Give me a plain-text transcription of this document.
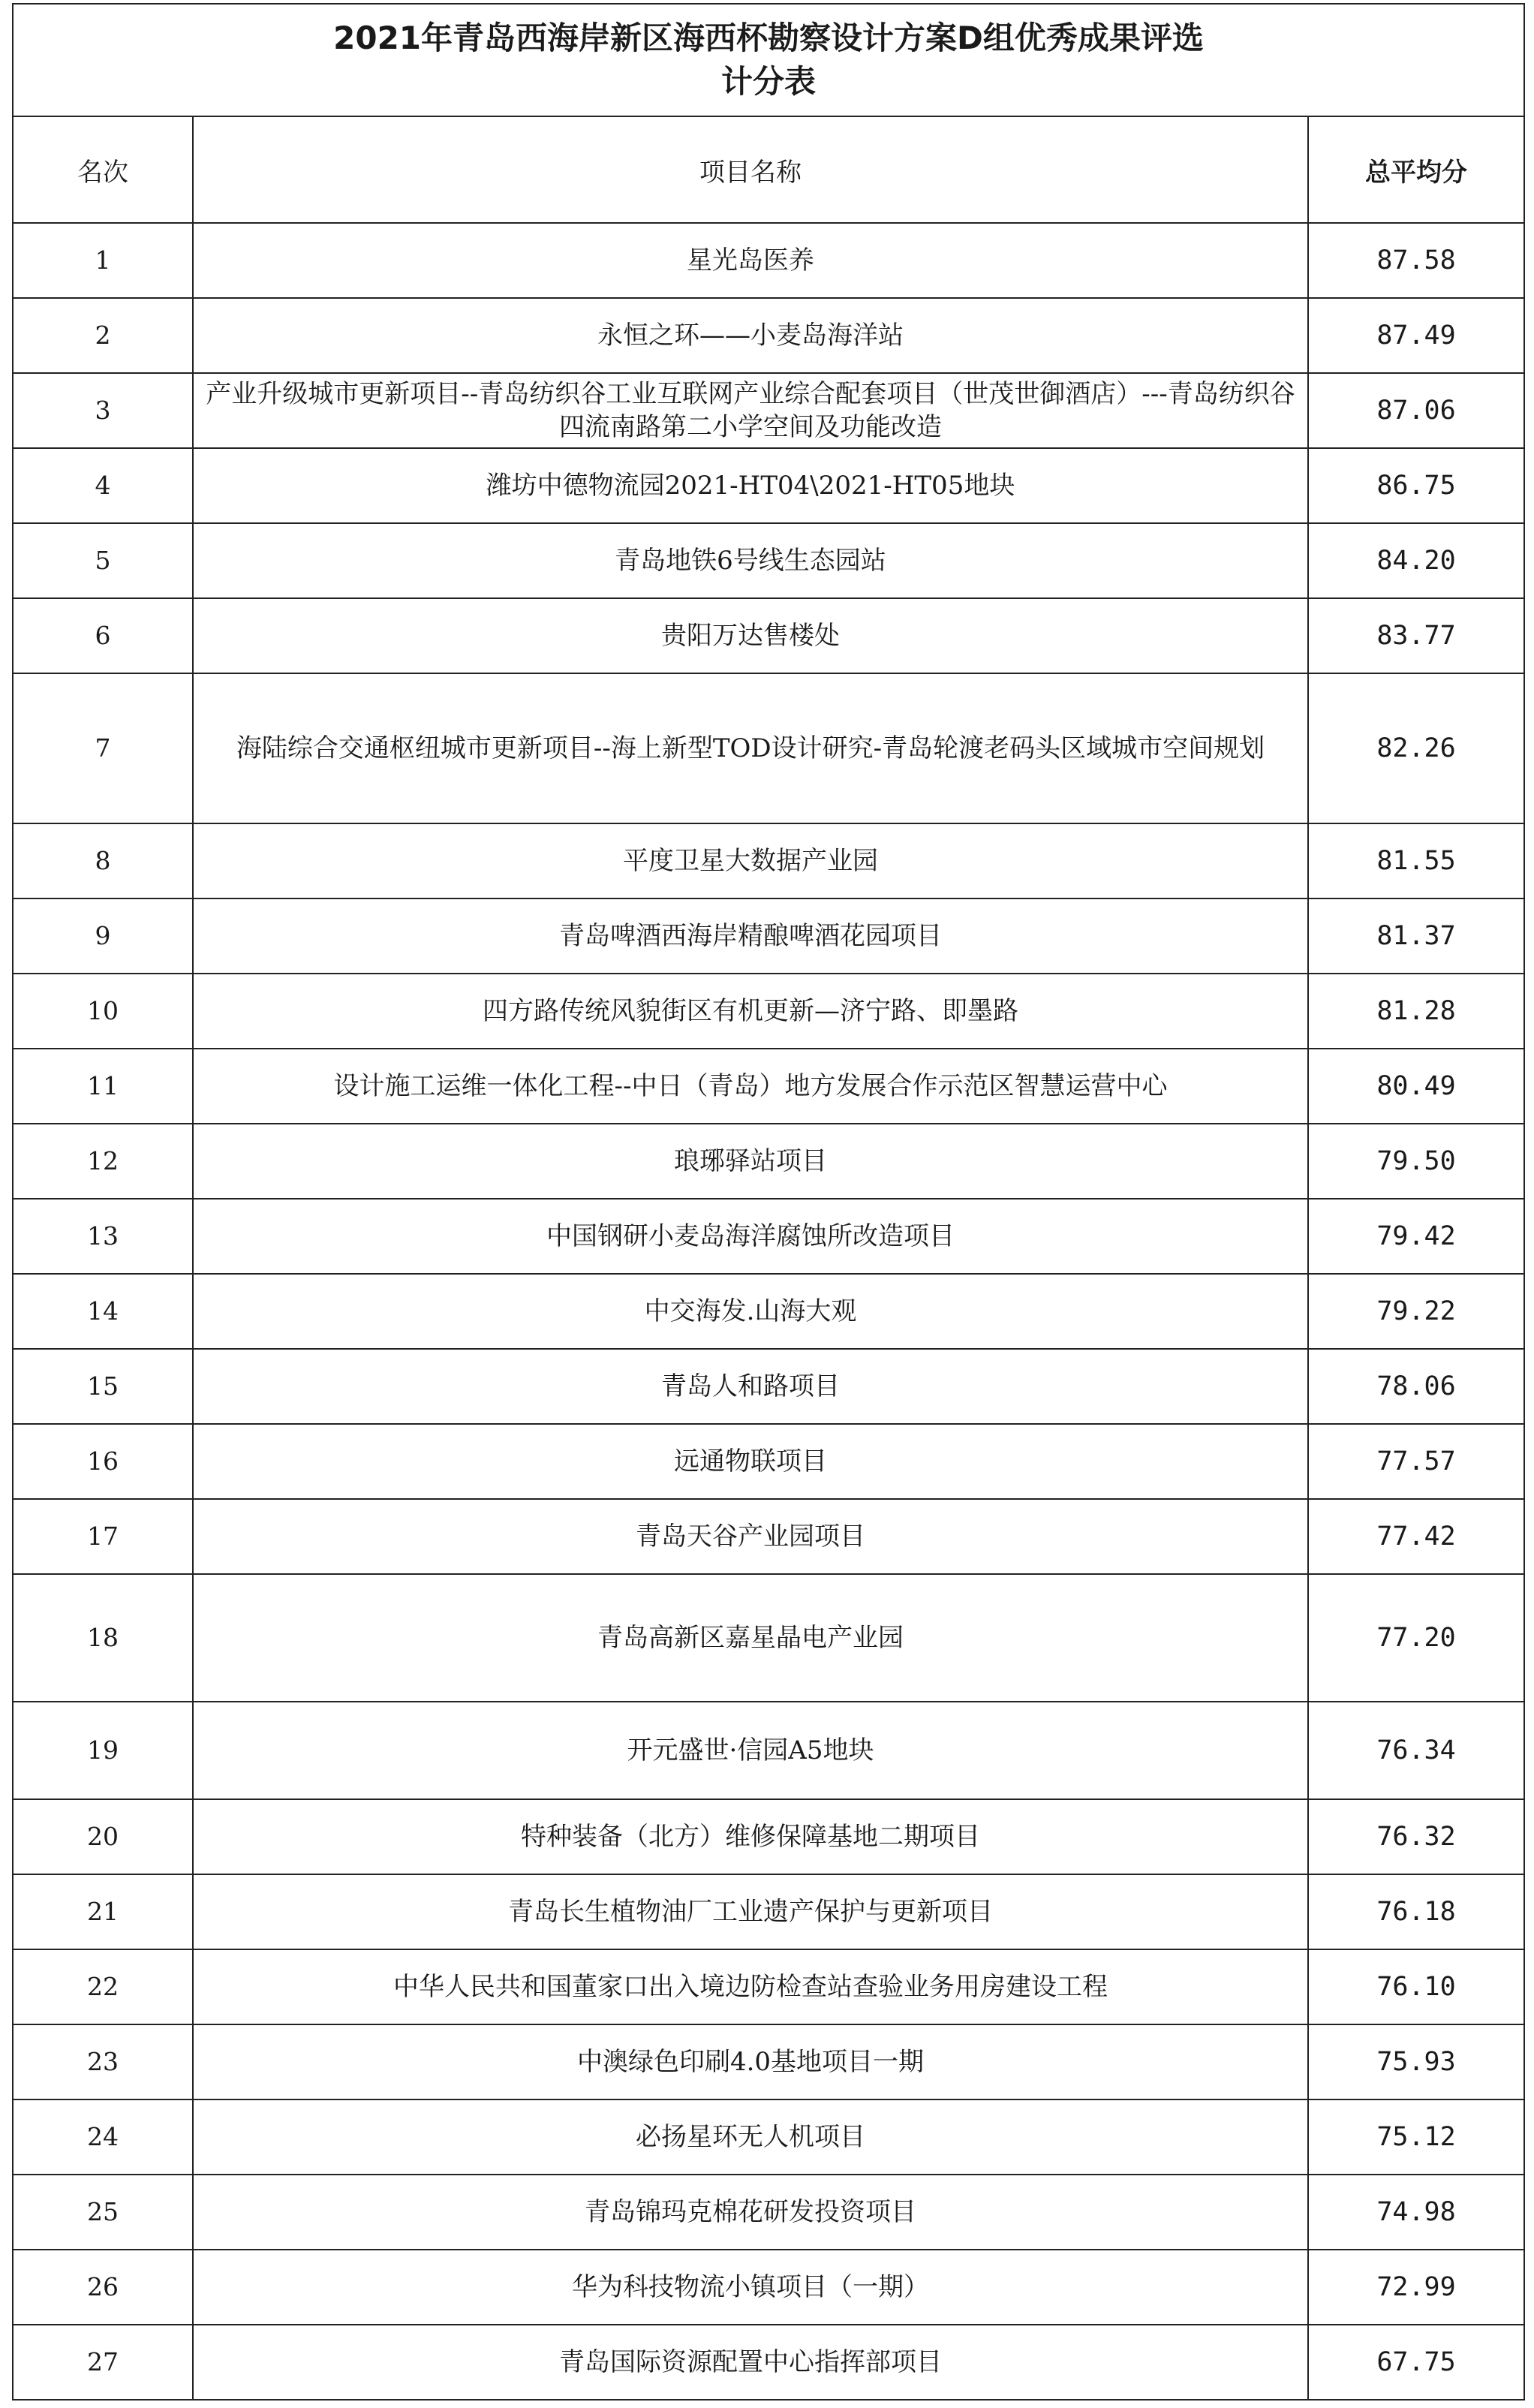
2021年青岛西海岸新区海西杯勘察设计方案D组优秀成果评选
计分表		

名次	项目名称	总平均分
1	星光岛医养	87.58
2	永恒之环——小麦岛海洋站	87.49
3	产业升级城市更新项目--青岛纺织谷工业互联网产业综合配套项目（世茂世御酒店）---青岛纺织谷四流南路第二小学空间及功能改造	87.06
4	潍坊中德物流园2021-HT04\2021-HT05地块	86.75
5	青岛地铁6号线生态园站	84.20
6	贵阳万达售楼处	83.77
7	海陆综合交通枢纽城市更新项目--海上新型TOD设计研究-青岛轮渡老码头区域城市空间规划	82.26
8	平度卫星大数据产业园	81.55
9	青岛啤酒西海岸精酿啤酒花园项目	81.37
10	四方路传统风貌街区有机更新—济宁路、即墨路	81.28
11	设计施工运维一体化工程--中日（青岛）地方发展合作示范区智慧运营中心	80.49
12	琅琊驿站项目	79.50
13	中国钢研小麦岛海洋腐蚀所改造项目	79.42
14	中交海发.山海大观	79.22
15	青岛人和路项目	78.06
16	远通物联项目	77.57
17	青岛天谷产业园项目	77.42
18	青岛高新区嘉星晶电产业园	77.20
19	开元盛世·信园A5地块	76.34
20	特种装备（北方）维修保障基地二期项目	76.32
21	青岛长生植物油厂工业遗产保护与更新项目	76.18
22	中华人民共和国董家口出入境边防检查站查验业务用房建设工程	76.10
23	中澳绿色印刷4.0基地项目一期	75.93
24	必扬星环无人机项目	75.12
25	青岛锦玛克棉花研发投资项目	74.98
26	华为科技物流小镇项目（一期）	72.99
27	青岛国际资源配置中心指挥部项目	67.75
